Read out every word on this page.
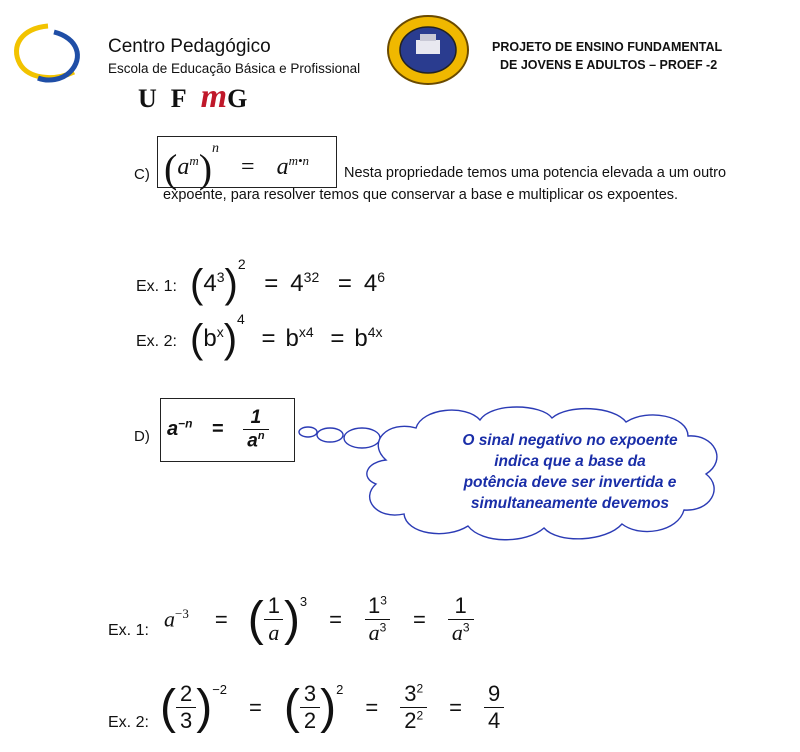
Centro Pedagógico
Escola de Educação Básica e Profissional
UFmG
PROJETO DE ENSINO FUNDAMENTAL
DE JOVENS E ADULTOS – PROEF -2
C) $(a^m)^n = a^{m•n}$
Nesta propriedade temos uma potencia elevada a um outro expoente, para resolver temos que conservar a base e multiplicar os expoentes.
Ex. 1: $(4^3)^2 = 4^{32} = 4^6$
Ex. 2: $(b^x)^4 = b^{x4} = b^{4x}$
D) $a^{-n} = \frac{1}{a^n}$	O sinal negativo no expoente
indica que a base da
potência deve ser invertida e
simultaneamente devemos
Ex. 1: $a^{-3}$ = ( $\frac{1}{a} )^3$
= $\frac{1^3}{a^3} = \frac{1}{a^3}$
Ex. 2: ( $\frac{2}{3} )^{-2}$
= ( $\frac{3}{2} )^2$
= $\frac{3^2}{2^2} = \frac{9}{4}$
